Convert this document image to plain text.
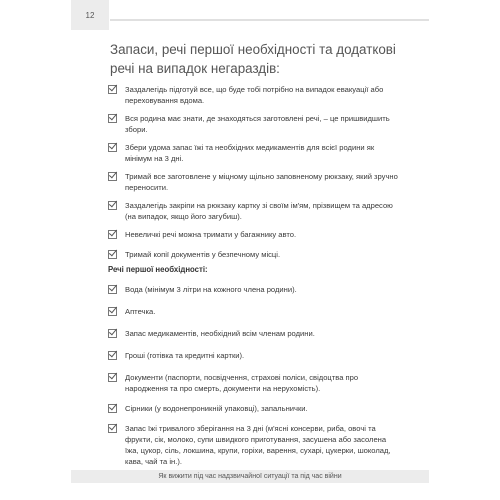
12
Запаси, речі першої необхідності та додаткові речі на випадок негараздів:
Заздалегідь підготуй все, що буде тобі потрібно на випадок евакуації або переховування вдома.
Вся родина має знати, де знаходяться заготовлені речі, – це пришвидшить збори.
Збери удома запас їжі та необхідних медикаментів для всієї родини як мінімум на 3 дні.
Тримай все заготовлене у міцному щільно заповненому рюкзаку, який зручно переносити.
Заздалегідь закріпи на рюкзаку картку зі своїм ім'ям, прізвищем та адресою (на випадок, якщо його загубиш).
Невеличкі речі можна тримати у багажнику авто.
Тримай копії документів у безпечному місці.
Речі першої необхідності:
Вода (мінімум 3 літри на кожного члена родини).
Аптечка.
Запас медикаментів, необхідний всім членам родини.
Гроші (готівка та кредитні картки).
Документи (паспорти, посвідчення, страхові поліси, свідоцтва про народження та про смерть, документи на нерухомість).
Сірники (у водонепроникній упаковці), запальнички.
Запас їжі тривалого зберігання на 3 дні (м'ясні консерви, риба, овочі та фрукти, сік, молоко, супи швидкого приготування, засушена або засолена їжа, цукор, сіль, локшина, крупи, горіхи, варення, сухарі, цукерки, шоколад, кава, чай та ін.).
Як вижити під час надзвичайної ситуації та під час війни
